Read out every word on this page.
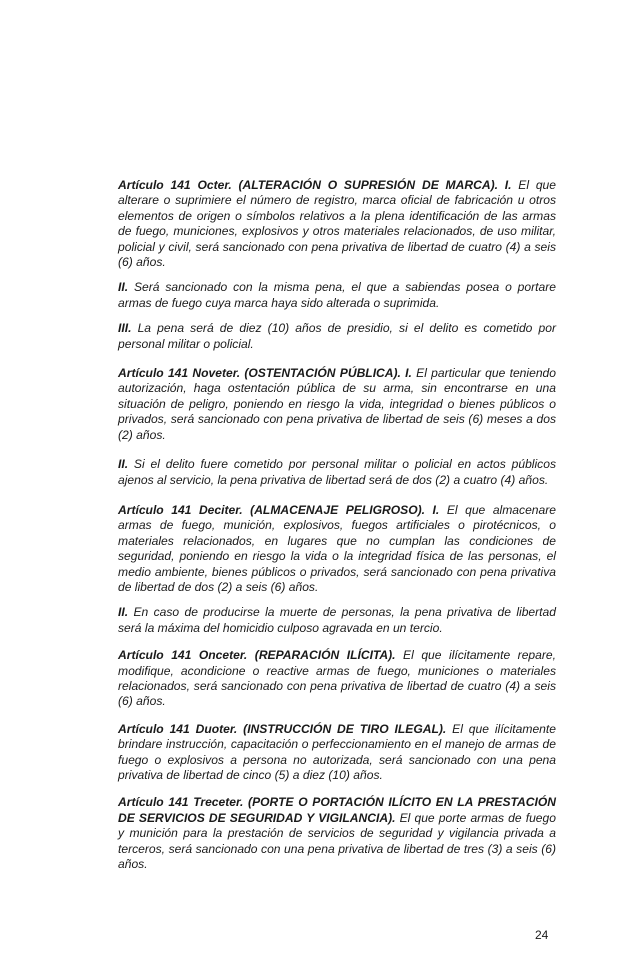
Artículo 141 Octer. (ALTERACIÓN O SUPRESIÓN DE MARCA). I. El que alterare o suprimiere el número de registro, marca oficial de fabricación u otros elementos de origen o símbolos relativos a la plena identificación de las armas de fuego, municiones, explosivos y otros materiales relacionados, de uso militar, policial y civil, será sancionado con pena privativa de libertad de cuatro (4) a seis (6) años.

II. Será sancionado con la misma pena, el que a sabiendas posea o portare armas de fuego cuya marca haya sido alterada o suprimida.

III. La pena será de diez (10) años de presidio, si el delito es cometido por personal militar o policial.

Artículo 141 Noveter. (OSTENTACIÓN PÚBLICA). I. El particular que teniendo autorización, haga ostentación pública de su arma, sin encontrarse en una situación de peligro, poniendo en riesgo la vida, integridad o bienes públicos o privados, será sancionado con pena privativa de libertad de seis (6) meses a dos (2) años.

II. Si el delito fuere cometido por personal militar o policial en actos públicos ajenos al servicio, la pena privativa de libertad será de dos (2) a cuatro (4) años.

Artículo 141 Deciter. (ALMACENAJE PELIGROSO). I. El que almacenare armas de fuego, munición, explosivos, fuegos artificiales o pirotécnicos, o materiales relacionados, en lugares que no cumplan las condiciones de seguridad, poniendo en riesgo la vida o la integridad física de las personas, el medio ambiente, bienes públicos o privados, será sancionado con pena privativa de libertad de dos (2) a seis (6) años.

II. En caso de producirse la muerte de personas, la pena privativa de libertad será la máxima del homicidio culposo agravada en un tercio.

Artículo 141 Onceter. (REPARACIÓN ILÍCITA). El que ilícitamente repare, modifique, acondicione o reactive armas de fuego, municiones o materiales relacionados, será sancionado con pena privativa de libertad de cuatro (4) a seis (6) años.

Artículo 141 Duoter. (INSTRUCCIÓN DE TIRO ILEGAL). El que ilícitamente brindare instrucción, capacitación o perfeccionamiento en el manejo de armas de fuego o explosivos a persona no autorizada, será sancionado con una pena privativa de libertad de cinco (5) a diez (10) años.

Artículo 141 Treceter. (PORTE O PORTACIÓN ILÍCITO EN LA PRESTACIÓN DE SERVICIOS DE SEGURIDAD Y VIGILANCIA). El que porte armas de fuego y munición para la prestación de servicios de seguridad y vigilancia privada a terceros, será sancionado con una pena privativa de libertad de tres (3) a seis (6) años.

24
